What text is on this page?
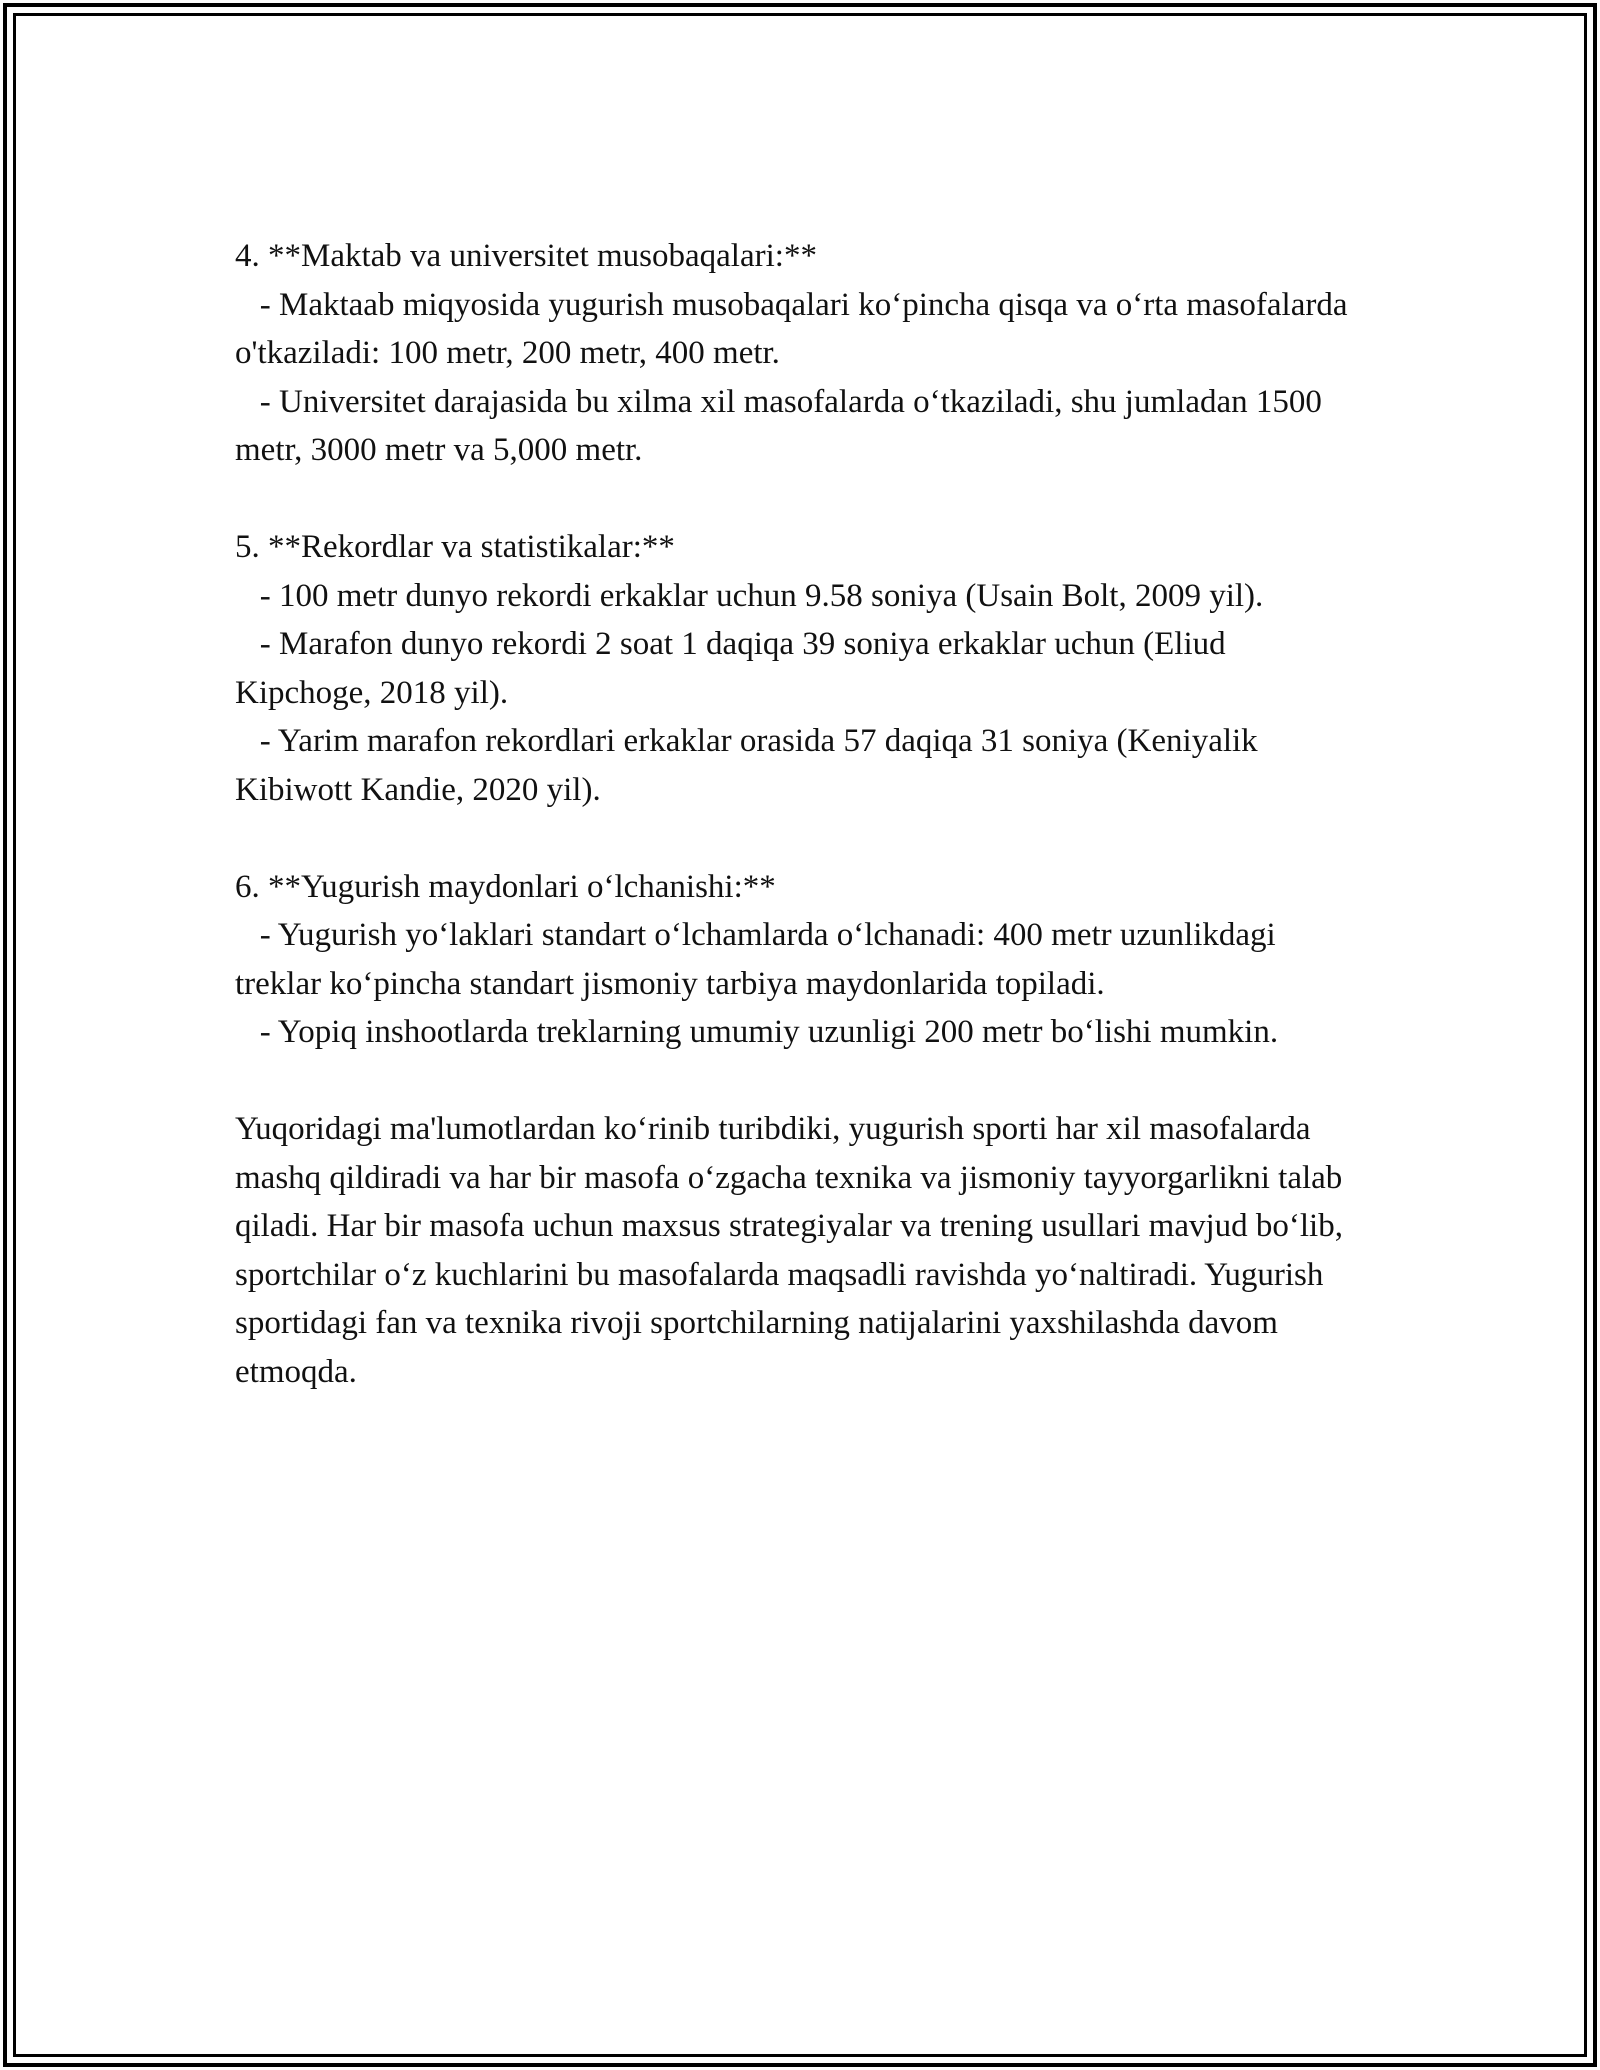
4. **Maktab va universitet musobaqalari:**

- Maktaab miqyosida yugurish musobaqalari ko‘pincha qisqa va o‘rta masofalarda o'tkaziladi: 100 metr, 200 metr, 400 metr.

- Universitet darajasida bu xilma xil masofalarda o‘tkaziladi, shu jumladan 1500 metr, 3000 metr va 5,000 metr.

5. **Rekordlar va statistikalar:**

- 100 metr dunyo rekordi erkaklar uchun 9.58 soniya (Usain Bolt, 2009 yil).

- Marafon dunyo rekordi 2 soat 1 daqiqa 39 soniya erkaklar uchun (Eliud Kipchoge, 2018 yil).

- Yarim marafon rekordlari erkaklar orasida 57 daqiqa 31 soniya (Keniyalik Kibiwott Kandie, 2020 yil).

6. **Yugurish maydonlari o‘lchanishi:**

- Yugurish yo‘laklari standart o‘lchamlarda o‘lchanadi: 400 metr uzunlikdagi treklar ko‘pincha standart jismoniy tarbiya maydonlarida topiladi.

- Yopiq inshootlarda treklarning umumiy uzunligi 200 metr bo‘lishi mumkin.

Yuqoridagi ma'lumotlardan ko‘rinib turibdiki, yugurish sporti har xil masofalarda mashq qildiradi va har bir masofa o‘zgacha texnika va jismoniy tayyorgarlikni talab qiladi. Har bir masofa uchun maxsus strategiyalar va trening usullari mavjud bo‘lib, sportchilar o‘z kuchlarini bu masofalarda maqsadli ravishda yo‘naltiradi. Yugurish sportidagi fan va texnika rivoji sportchilarning natijalarini yaxshilashda davom etmoqda.
